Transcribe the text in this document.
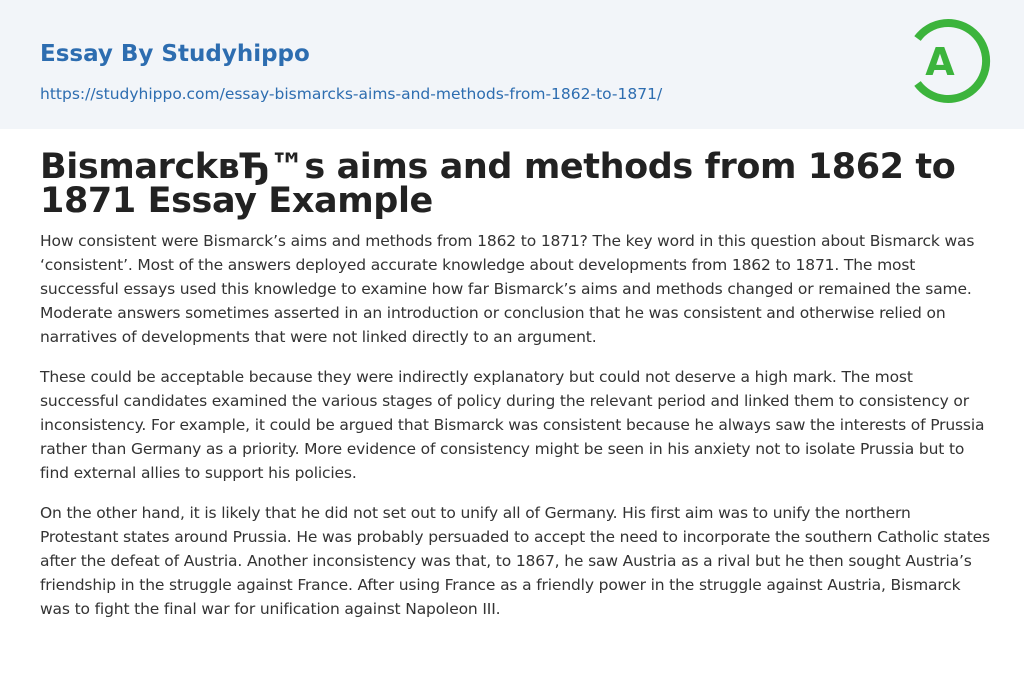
Essay By Studyhippo
https://studyhippo.com/essay-bismarcks-aims-and-methods-from-1862-to-1871/
A
BismarckвЂ™s aims and methods from 1862 to 1871 Essay Example

How consistent were Bismarck’s aims and methods from 1862 to 1871? The key word in this question about Bismarck was ‘consistent’. Most of the answers deployed accurate knowledge about developments from 1862 to 1871. The most successful essays used this knowledge to examine how far Bismarck’s aims and methods changed or remained the same. Moderate answers sometimes asserted in an introduction or conclusion that he was consistent and otherwise relied on narratives of developments that were not linked directly to an argument.

These could be acceptable because they were indirectly explanatory but could not deserve a high mark. The most successful candidates examined the various stages of policy during the relevant period and linked them to consistency or inconsistency. For example, it could be argued that Bismarck was consistent because he always saw the interests of Prussia rather than Germany as a priority. More evidence of consistency might be seen in his anxiety not to isolate Prussia but to find external allies to support his policies.

On the other hand, it is likely that he did not set out to unify all of Germany. His first aim was to unify the northern Protestant states around Prussia. He was probably persuaded to accept the need to incorporate the southern Catholic states after the defeat of Austria. Another inconsistency was that, to 1867, he saw Austria as a rival but he then sought Austria’s friendship in the struggle against France. After using France as a friendly power in the struggle against Austria, Bismarck was to fight the final war for unification against Napoleon III.
